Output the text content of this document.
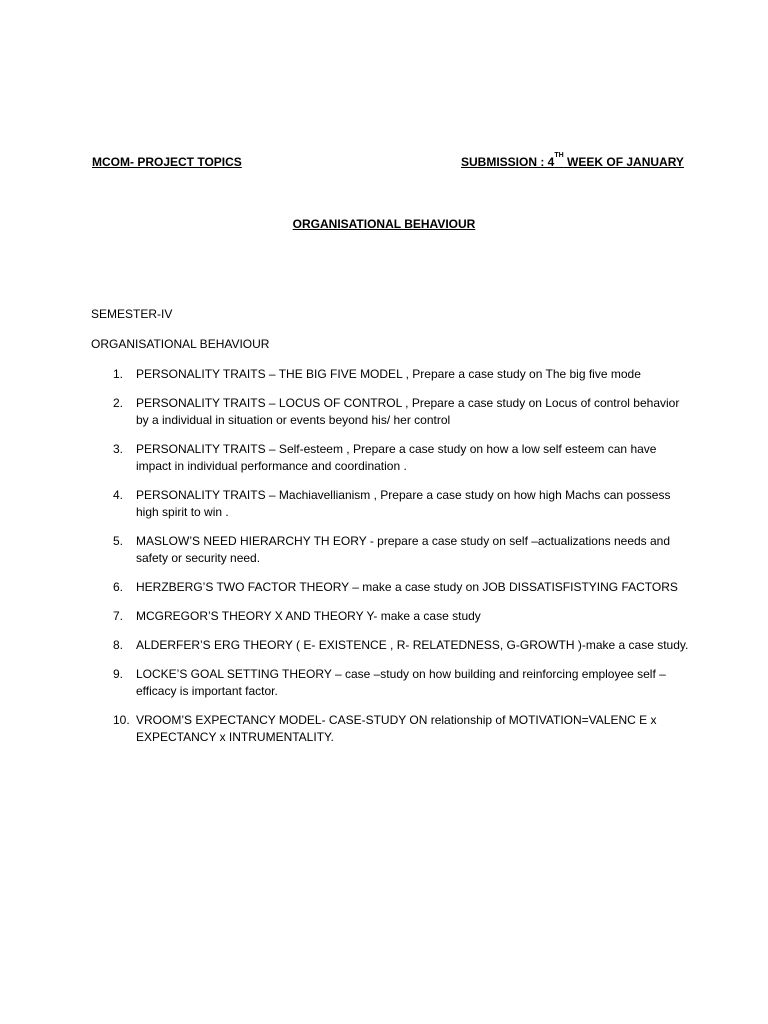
MCOM- PROJECT TOPICS	SUBMISSION : 4TH WEEK OF JANUARY
ORGANISATIONAL BEHAVIOUR
SEMESTER-IV
ORGANISATIONAL BEHAVIOUR
1. PERSONALITY TRAITS – THE BIG FIVE MODEL , Prepare a case study on The big five mode
2. PERSONALITY TRAITS – LOCUS OF CONTROL , Prepare a case study on Locus of control behavior by a individual in situation or events beyond his/ her control
3. PERSONALITY TRAITS – Self-esteem , Prepare a case study on how a low self esteem can have impact in individual performance and coordination .
4. PERSONALITY TRAITS – Machiavellianism , Prepare a case study on how high Machs can possess high spirit to win .
5. MASLOW’S NEED HIERARCHY TH EORY - prepare a case study on self –actualizations needs and safety or security need.
6. HERZBERG’S TWO FACTOR THEORY – make a case study on JOB DISSATISFISTYING FACTORS
7. MCGREGOR’S THEORY X AND THEORY Y- make a case study
8. ALDERFER’S ERG THEORY ( E- EXISTENCE , R- RELATEDNESS, G-GROWTH )-make a case study.
9. LOCKE’S GOAL SETTING THEORY – case –study on how building and reinforcing employee self – efficacy is important factor.
10. VROOM’S EXPECTANCY MODEL- CASE-STUDY ON relationship of MOTIVATION=VALENC E x EXPECTANCY x INTRUMENTALITY.
